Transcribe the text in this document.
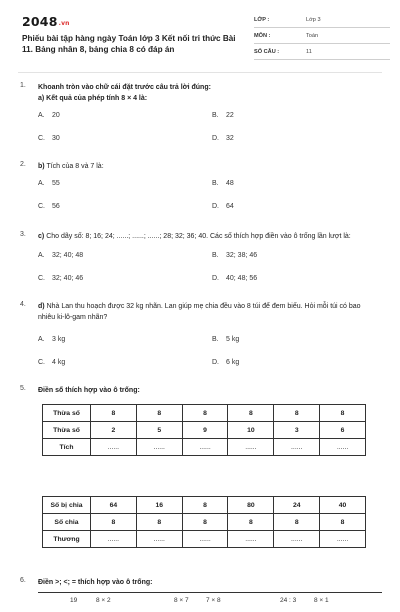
2048.vn
Phiếu bài tập hàng ngày Toán lớp 3 Kết nối tri thức Bài 11. Bảng nhân 8, bảng chia 8 có đáp án
LỚP :	Lớp 3
MÔN :	Toán
SỐ CÂU :	11
1. Khoanh tròn vào chữ cái đặt trước câu trả lời đúng:
a) Kết quả của phép tính 8 × 4 là:
A. 20	B. 22
C. 30	D. 32
2. b) Tích của 8 và 7 là:
A. 55	B. 48
C. 56	D. 64
3. c) Cho dãy số: 8; 16; 24; ......; ......; ......; 28; 32; 36; 40. Các số thích hợp điền vào ô trống lần lượt là:
A. 32; 40; 48	B. 32; 38; 46
C. 32; 40; 46	D. 40; 48; 56
4. d) Nhà Lan thu hoạch được 32 kg nhãn. Lan giúp mẹ chia đều vào 8 túi để đem biếu. Hỏi mỗi túi có bao nhiêu ki-lô-gam nhãn?
A. 3 kg	B. 5 kg
C. 4 kg	D. 6 kg
5. Điền số thích hợp vào ô trống:
Thừa số	8	8	8	8	8	8
Thừa số	2	5	9	10	3	6
Tích	......	......	......	......	......	......
Số bị chia	64	16	8	80	24	40
Số chia	8	8	8	8	8	8
Thương	......	......	......	......	......	......
6. Điền >; <; = thích hợp vào ô trống:
19	8 × 2	8 × 7	7 × 8	24 : 3	8 × 1
